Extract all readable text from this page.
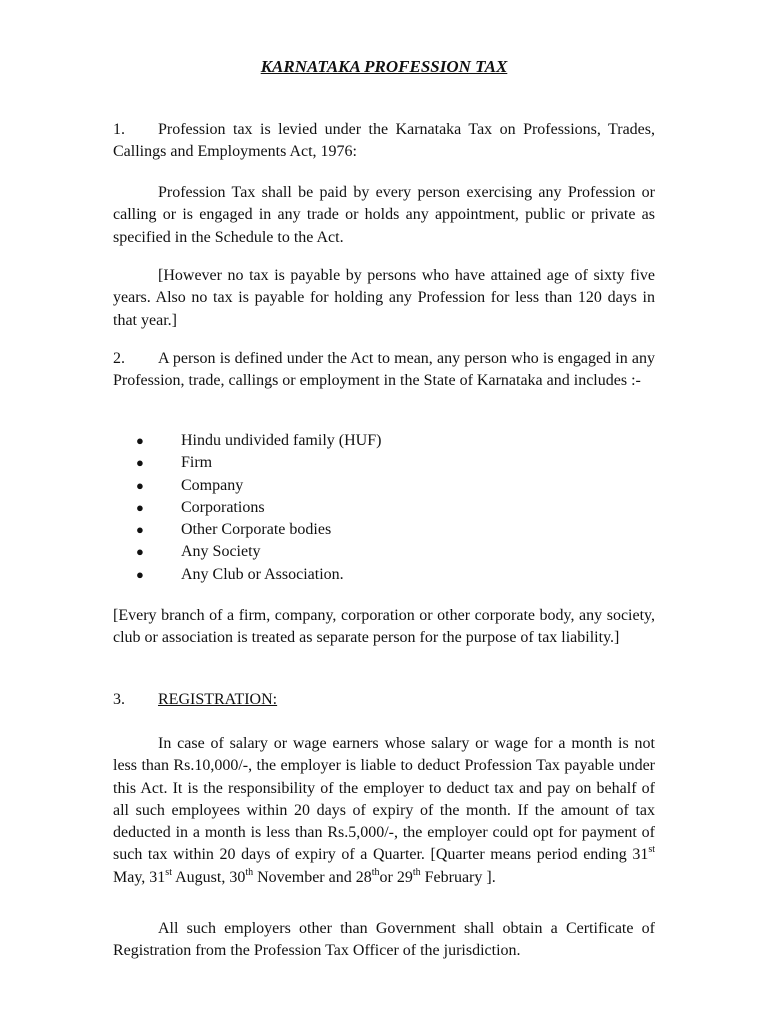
KARNATAKA PROFESSION TAX
1. Profession tax is levied under the Karnataka Tax on Professions, Trades, Callings and Employments Act, 1976:
Profession Tax shall be paid by every person exercising any Profession or calling or is engaged in any trade or holds any appointment, public or private as specified in the Schedule to the Act.
[However no tax is payable by persons who have attained age of sixty five years. Also no tax is payable for holding any Profession for less than 120 days in that year.]
2. A person is defined under the Act to mean, any person who is engaged in any Profession, trade, callings or employment in the State of Karnataka and includes :-
● Hindu undivided family (HUF)
● Firm
● Company
● Corporations
● Other Corporate bodies
● Any Society
● Any Club or Association.
[Every branch of a firm, company, corporation or other corporate body, any society, club or association is treated as separate person for the purpose of tax liability.]
3. REGISTRATION:
In case of salary or wage earners whose salary or wage for a month is not less than Rs.10,000/-, the employer is liable to deduct Profession Tax payable under this Act. It is the responsibility of the employer to deduct tax and pay on behalf of all such employees within 20 days of expiry of the month. If the amount of tax deducted in a month is less than Rs.5,000/-, the employer could opt for payment of such tax within 20 days of expiry of a Quarter. [Quarter means period ending 31st May, 31st August, 30th November and 28thor 29th February ].
All such employers other than Government shall obtain a Certificate of Registration from the Profession Tax Officer of the jurisdiction.
